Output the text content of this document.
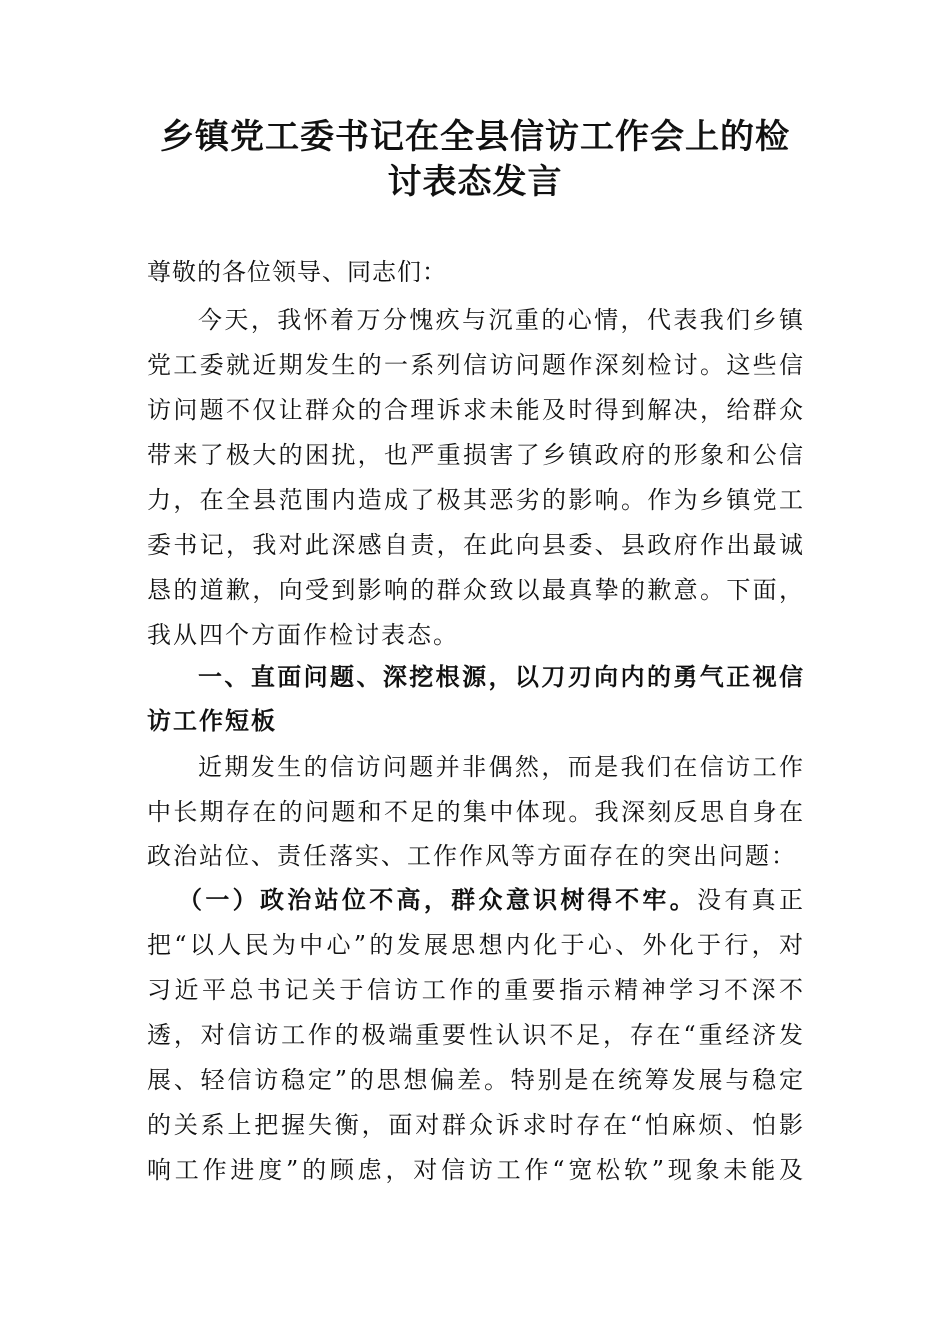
乡镇党工委书记在全县信访工作会上的检
讨表态发言
尊敬的各位领导、同志们：
今天，我怀着万分愧疚与沉重的心情，代表我们乡镇
党工委就近期发生的一系列信访问题作深刻检讨。这些信
访问题不仅让群众的合理诉求未能及时得到解决，给群众
带来了极大的困扰，也严重损害了乡镇政府的形象和公信
力，在全县范围内造成了极其恶劣的影响。作为乡镇党工
委书记，我对此深感自责，在此向县委、县政府作出最诚
恳的道歉，向受到影响的群众致以最真挚的歉意。下面，
我从四个方面作检讨表态。
一、直面问题、深挖根源，以刀刃向内的勇气正视信
访工作短板
近期发生的信访问题并非偶然，而是我们在信访工作
中长期存在的问题和不足的集中体现。我深刻反思自身在
政治站位、责任落实、工作作风等方面存在的突出问题：
（一）政治站位不高，群众意识树得不牢。没有真正
把“以人民为中心”的发展思想内化于心、外化于行，对
习近平总书记关于信访工作的重要指示精神学习不深不
透，对信访工作的极端重要性认识不足，存在“重经济发
展、轻信访稳定”的思想偏差。特别是在统筹发展与稳定
的关系上把握失衡，面对群众诉求时存在“怕麻烦、怕影
响工作进度”的顾虑，对信访工作“宽松软”现象未能及
